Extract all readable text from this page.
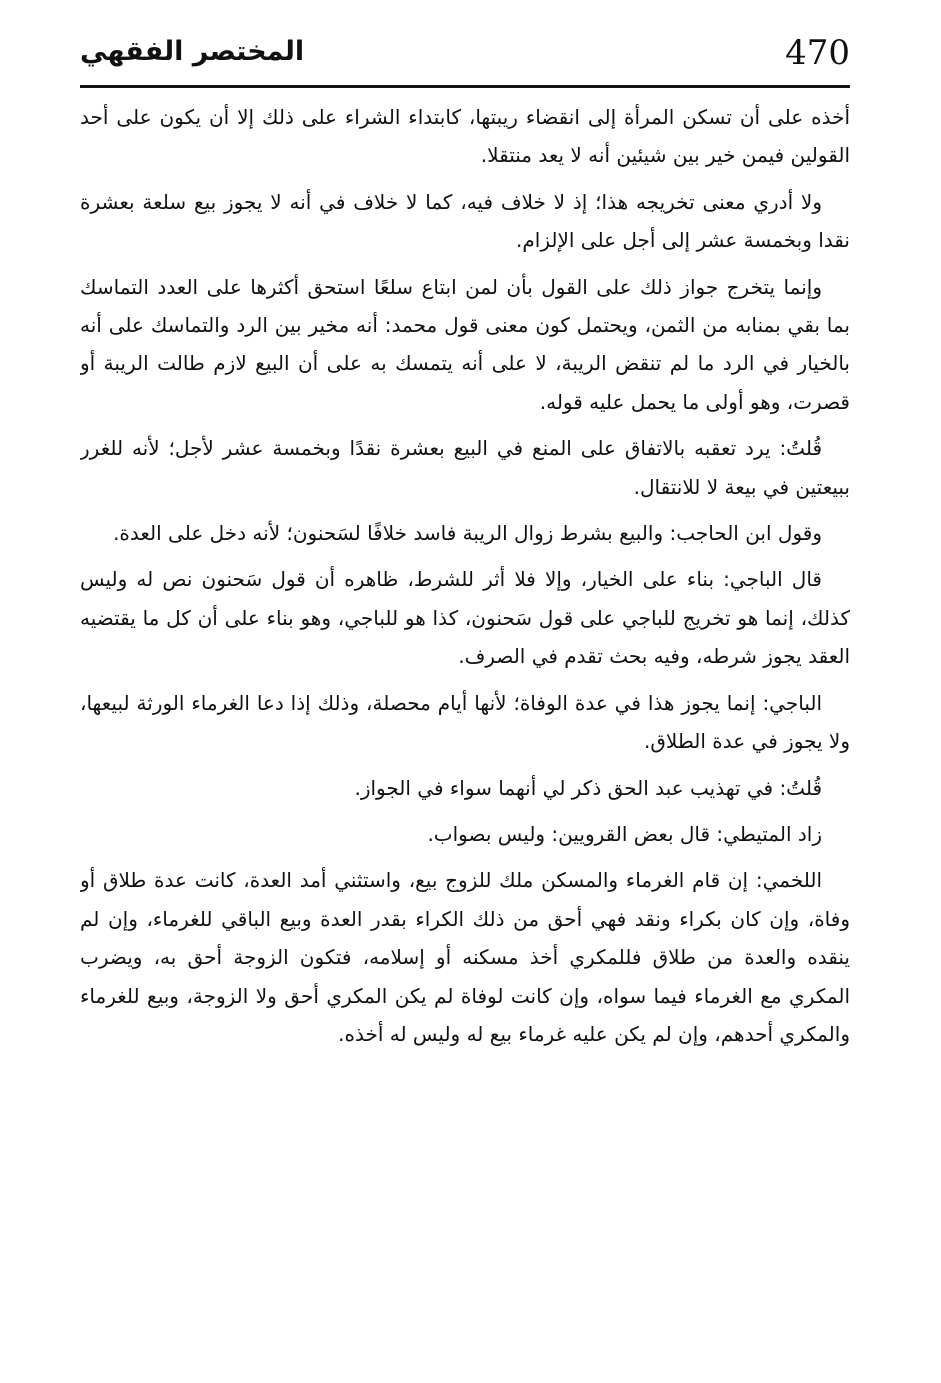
470
المختصر الفقهي

أخذه على أن تسكن المرأة إلى انقضاء ريبتها، كابتداء الشراء على ذلك إلا أن يكون على أحد القولين فيمن خير بين شيئين أنه لا يعد منتقلا.

ولا أدري معنى تخريجه هذا؛ إذ لا خلاف فيه، كما لا خلاف في أنه لا يجوز بيع سلعة بعشرة نقدا وبخمسة عشر إلى أجل على الإلزام.

وإنما يتخرج جواز ذلك على القول بأن لمن ابتاع سلعًا استحق أكثرها على العدد التماسك بما بقي بمنابه من الثمن، ويحتمل كون معنى قول محمد: أنه مخير بين الرد والتماسك على أنه بالخيار في الرد ما لم تنقض الريبة، لا على أنه يتمسك به على أن البيع لازم طالت الريبة أو قصرت، وهو أولى ما يحمل عليه قوله.

قُلتُ: يرد تعقبه بالاتفاق على المنع في البيع بعشرة نقدًا وبخمسة عشر لأجل؛ لأنه للغرر ببيعتين في بيعة لا للانتقال.

وقول ابن الحاجب: والبيع بشرط زوال الريبة فاسد خلافًا لسَحنون؛ لأنه دخل على العدة.

قال الباجي: بناء على الخيار، وإلا فلا أثر للشرط، ظاهره أن قول سَحنون نص له وليس كذلك، إنما هو تخريج للباجي على قول سَحنون، كذا هو للباجي، وهو بناء على أن كل ما يقتضيه العقد يجوز شرطه، وفيه بحث تقدم في الصرف.

الباجي: إنما يجوز هذا في عدة الوفاة؛ لأنها أيام محصلة، وذلك إذا دعا الغرماء الورثة لبيعها، ولا يجوز في عدة الطلاق.

قُلتُ: في تهذيب عبد الحق ذكر لي أنهما سواء في الجواز.

زاد المتيطي: قال بعض القرويين: وليس بصواب.

اللخمي: إن قام الغرماء والمسكن ملك للزوج بيع، واستثني أمد العدة، كانت عدة طلاق أو وفاة، وإن كان بكراء ونقد فهي أحق من ذلك الكراء بقدر العدة وبيع الباقي للغرماء، وإن لم ينقده والعدة من طلاق فللمكري أخذ مسكنه أو إسلامه، فتكون الزوجة أحق به، ويضرب المكري مع الغرماء فيما سواه، وإن كانت لوفاة لم يكن المكري أحق ولا الزوجة، وبيع للغرماء والمكري أحدهم، وإن لم يكن عليه غرماء بيع له وليس له أخذه.
